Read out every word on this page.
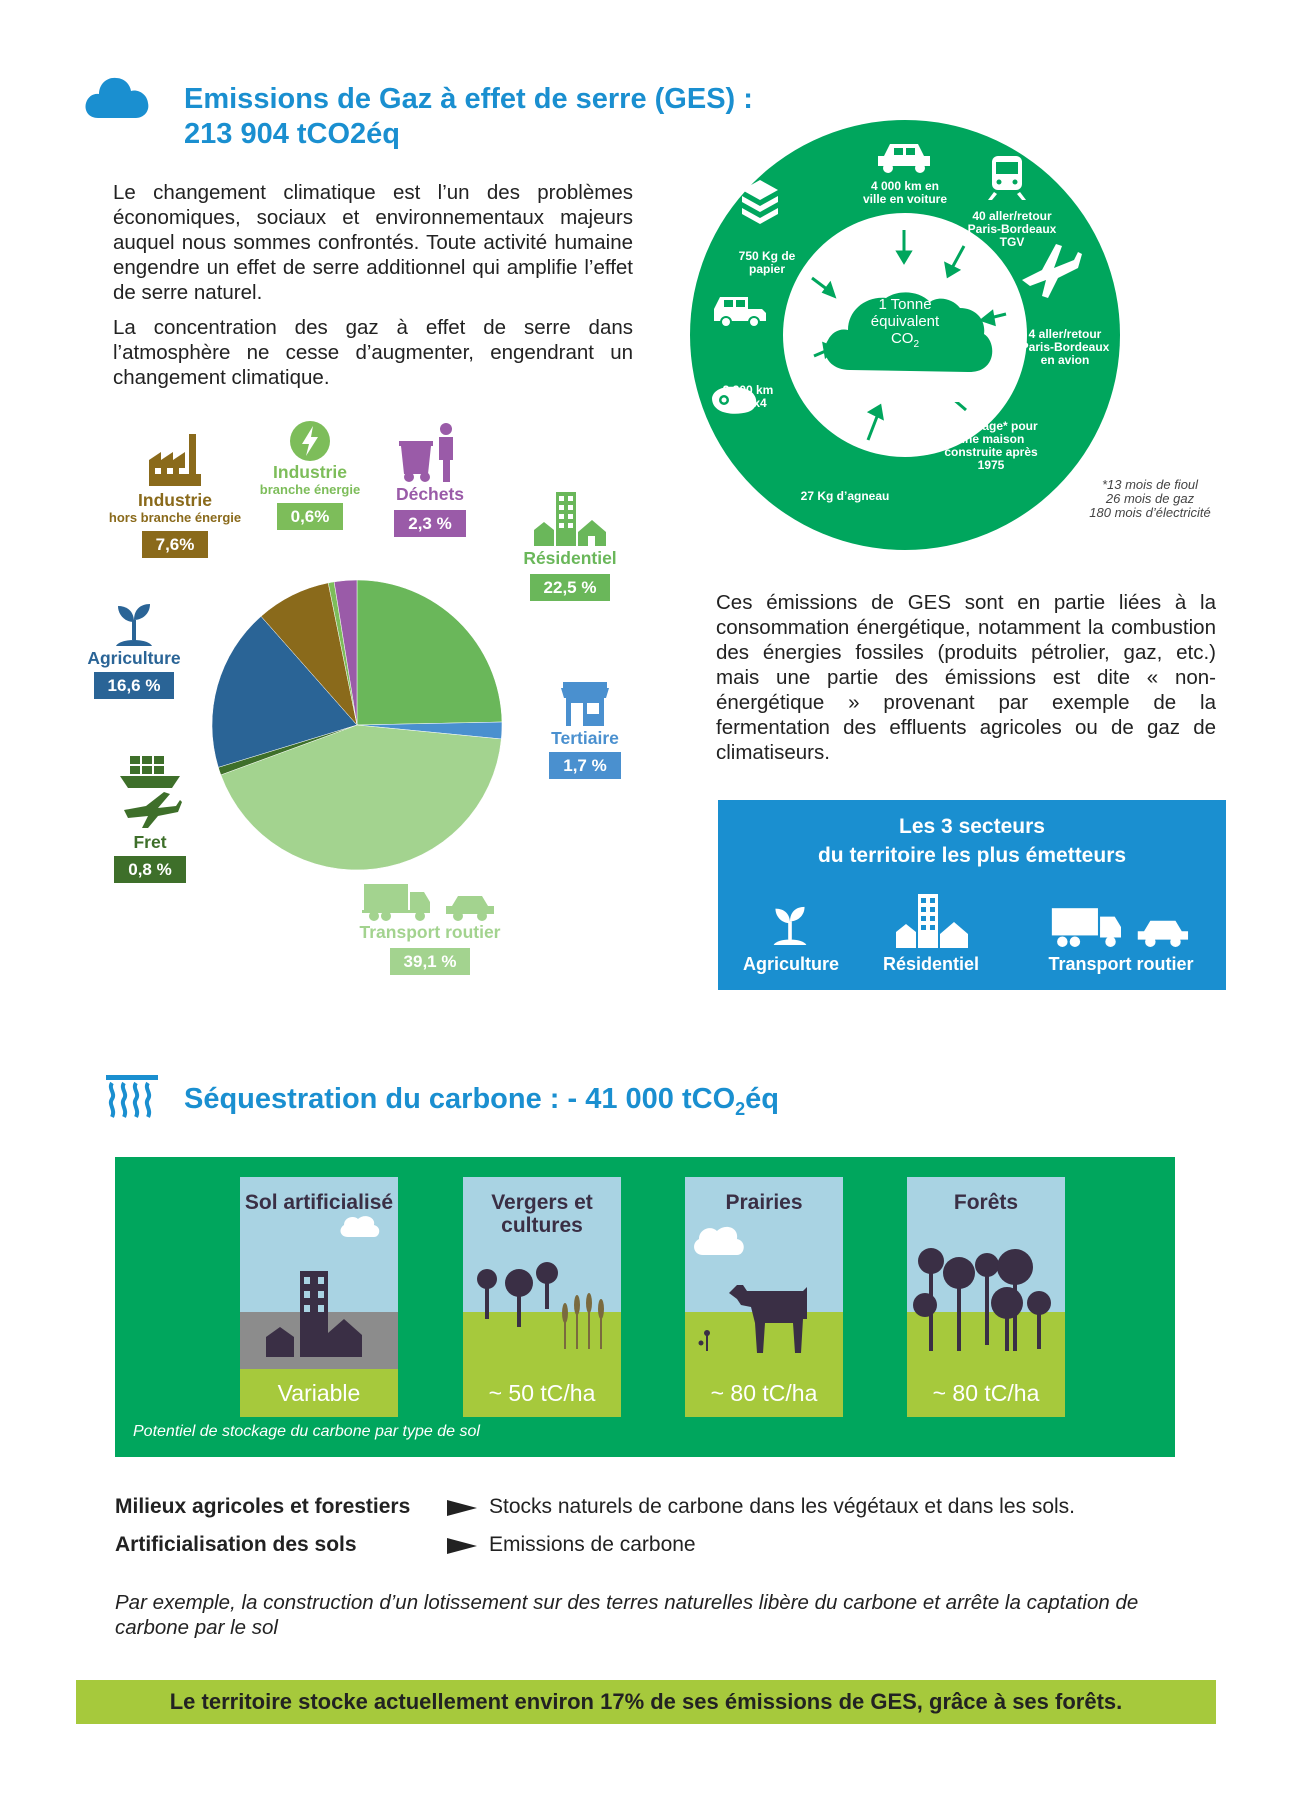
Emissions de Gaz à effet de serre (GES) :
213 904 tCO2éq

Le changement climatique est l’un des problèmes économiques, sociaux et environnementaux majeurs auquel nous sommes confrontés. Toute activité humaine engendre un effet de serre additionnel qui amplifie l’effet de serre naturel.

La concentration des gaz à effet de serre dans l’atmosphère ne cesse d’augmenter, engendrant un changement climatique.

Industrie
hors branche énergie
7,6%
Industrie
branche énergie
0,6%
Déchets
2,3 %
Résidentiel
22,5 %
Agriculture
16,6 %
Tertiaire
1,7 %
Fret
0,8 %
Transport routier
39,1 %
1 Tonne
équivalent $CO_2$
4 000 km en ville en voiture
40 aller/retour Paris-Bordeaux TGV
4 aller/retour Paris-Bordeaux en avion
Chauffage* pour une maison construite après 1975
27 Kg d’agneau
2 200 km en 4x4
750 Kg de papier
*13 mois de fioul
26 mois de gaz
180 mois d’électricité

Ces émissions de GES sont en partie liées à la consommation énergétique, notamment la combustion des énergies fossiles (produits pétrolier, gaz, etc.) mais une partie des émissions est dite « non-énergétique » provenant par exemple de la fermentation des effluents agricoles ou de gaz de climatiseurs.

Les 3 secteurs
du territoire les plus émetteurs
Agriculture	Résidentiel	Transport routier
Séquestration du carbone : - 41 000 tCO$_2$éq
Sol artificialisé
Variable
Vergers et cultures
~ 50 tC/ha
Prairies
~ 80 tC/ha
Forêts
~ 80 tC/ha
Potentiel de stockage du carbone par type de sol
Milieux agricoles et forestiers	Stocks naturels de carbone dans les végétaux et dans les sols.
Artificialisation des sols	Emissions de carbone
Par exemple, la construction d’un lotissement sur des terres naturelles libère du carbone et arrête la captation de carbone par le sol
Le territoire stocke actuellement environ 17% de ses émissions de GES, grâce à ses forêts.
